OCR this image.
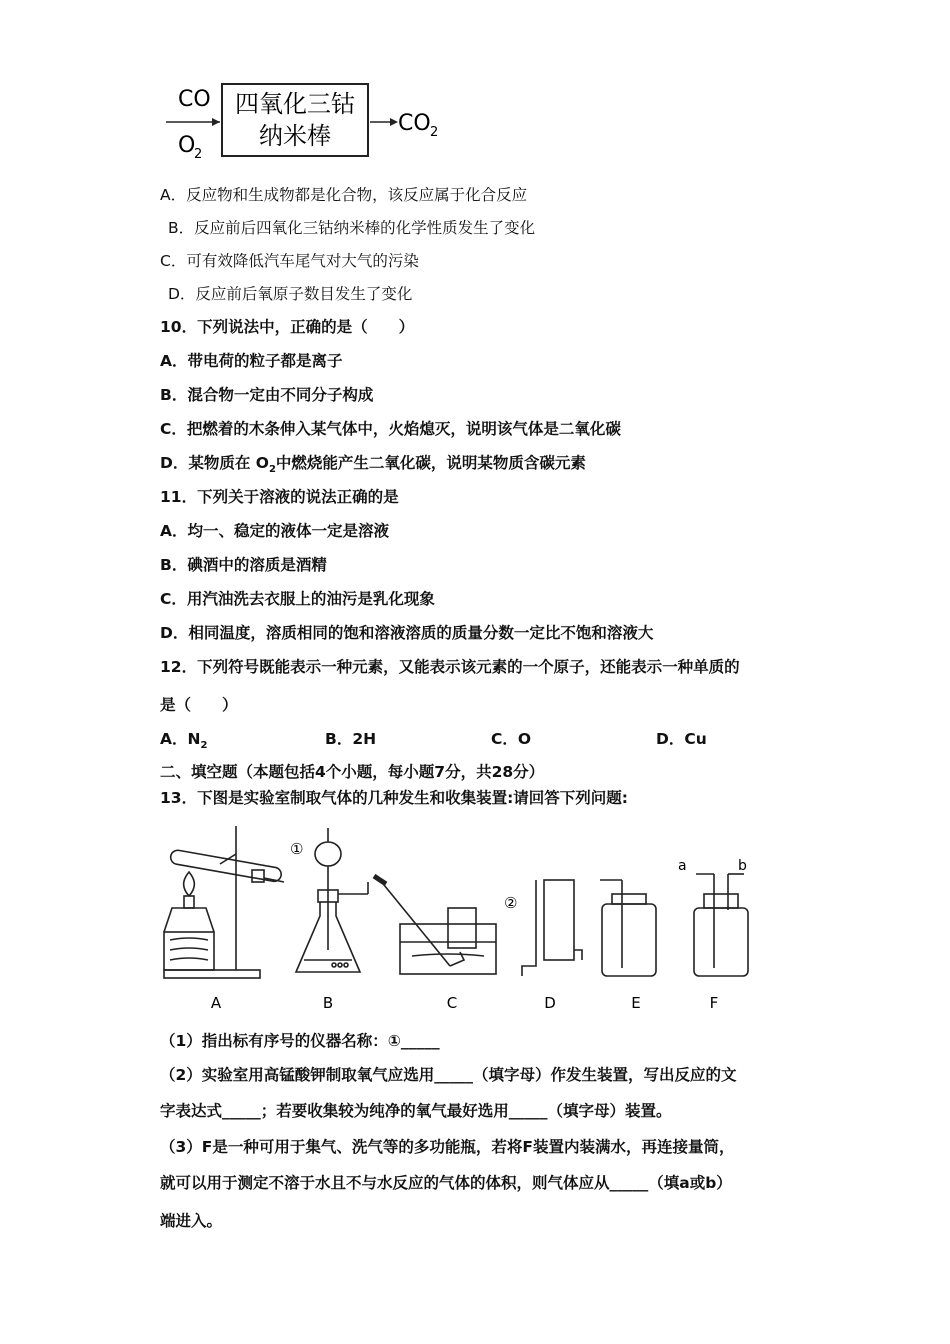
CO
O
2
四氧化三钴
纳米棒	CO 2
A．反应物和生成物都是化合物，该反应属于化合反应
B．反应前后四氧化三钴纳米棒的化学性质发生了变化
C．可有效降低汽车尾气对大气的污染
D．反应前后氧原子数目发生了变化
10．下列说法中，正确的是（　　）
A．带电荷的粒子都是离子
B．混合物一定由不同分子构成
C．把燃着的木条伸入某气体中，火焰熄灭，说明该气体是二氧化碳
D．某物质在 $O_2$中燃烧能产生二氧化碳，说明某物质含碳元素
11．下列关于溶液的说法正确的是
A．均一、稳定的液体一定是溶液
B．碘酒中的溶质是酒精
C．用汽油洗去衣服上的油污是乳化现象
D．相同温度，溶质相同的饱和溶液溶质的质量分数一定比不饱和溶液大
12．下列符号既能表示一种元素，又能表示该元素的一个原子，还能表示一种单质的
是（　　）
A．$N_2$	B．2H	C．O	D．Cu
二、填空题（本题包括4个小题，每小题7分，共28分）
13．下图是实验室制取气体的几种发生和收集装置:请回答下列问题:
①
②
a	b
A	B	C	D	E	F
（1）指出标有序号的仪器名称：①_____
（2）实验室用高锰酸钾制取氧气应选用_____（填字母）作发生装置，写出反应的文
字表达式_____；若要收集较为纯净的氧气最好选用_____（填字母）装置。
（3）F是一种可用于集气、洗气等的多功能瓶，若将F装置内装满水，再连接量筒，
就可以用于测定不溶于水且不与水反应的气体的体积，则气体应从_____（填a或b）
端进入。
